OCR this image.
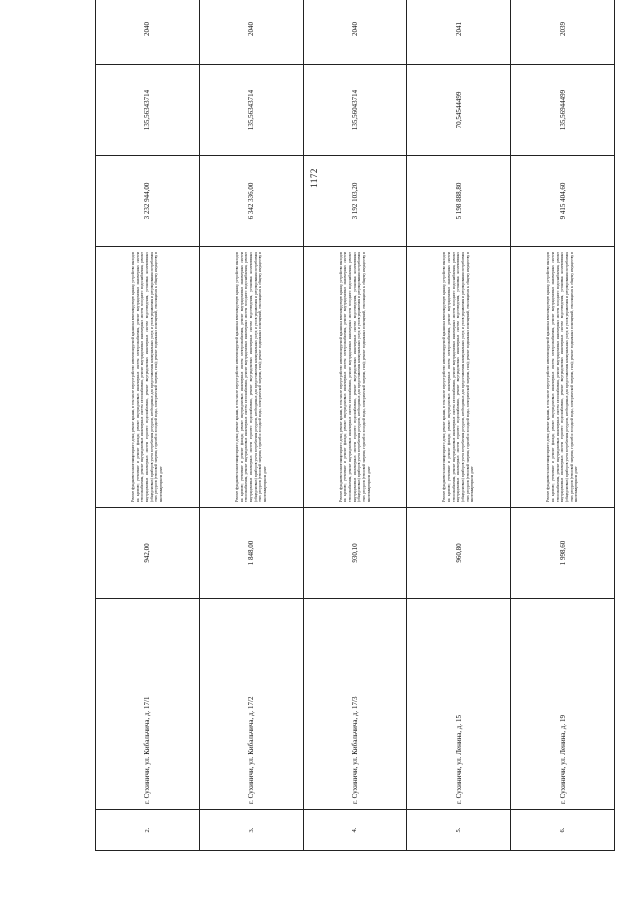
1172
2.	г. Сухиничи, ул. Кибальчича, д. 17/1	942,00	Ремонт фундамента многоквартирного дома; ремонт крыши, в том числе переустройство невентилируемой крыши на вентилируемую крышу, устройство выходов на кровлю; утепление и ремонт фасада; ремонт внутридомовых инженерных систем электроснабжения, ремонт внутридомовых инженерных систем теплоснабжения, ремонт внутридомовых инженерных систем газоснабжения, ремонт внутридомовых инженерных систем холодного водоснабжения, ремонт внутридомовых инженерных систем горячего водоснабжения, ремонт внутридомовых инженерных систем водоотведения, установка коллективных (общедомовых) приборов учета потребления ресурсов, необходимых для предоставления коммунальных услуг, и узлов управления и регулирования потребления этих ресурсов (тепловой энергии, горячей и холодной воды, электрической энергии, газа); ремонт подвальных помещений, относящихся к общему имуществу в многоквартирном доме	3 232 944,00	135,56343714	2040
3.	г. Сухиничи, ул. Кибальчича, д. 17/2	1 848,00	Ремонт фундамента многоквартирного дома; ремонт крыши, в том числе переустройство невентилируемой крыши на вентилируемую крышу, устройство выходов на кровлю; утепление и ремонт фасада; ремонт внутридомовых инженерных систем электроснабжения, ремонт внутридомовых инженерных систем теплоснабжения, ремонт внутридомовых инженерных систем газоснабжения, ремонт внутридомовых инженерных систем холодного водоснабжения, ремонт внутридомовых инженерных систем горячего водоснабжения, ремонт внутридомовых инженерных систем водоотведения, установка коллективных (общедомовых) приборов учета потребления ресурсов, необходимых для предоставления коммунальных услуг, и узлов управления и регулирования потребления этих ресурсов (тепловой энергии, горячей и холодной воды, электрической энергии, газа); ремонт подвальных помещений, относящихся к общему имуществу в многоквартирном доме	6 342 336,00	135,56343714	2040
4.	г. Сухиничи, ул. Кибальчича, д. 17/3	930,10	Ремонт фундамента многоквартирного дома; ремонт крыши, в том числе переустройство невентилируемой крыши на вентилируемую крышу, устройство выходов на кровлю; утепление и ремонт фасада; ремонт внутридомовых инженерных систем электроснабжения, ремонт внутридомовых инженерных систем теплоснабжения, ремонт внутридомовых инженерных систем газоснабжения, ремонт внутридомовых инженерных систем холодного водоснабжения, ремонт внутридомовых инженерных систем горячего водоснабжения, ремонт внутридомовых инженерных систем водоотведения, установка коллективных (общедомовых) приборов учета потребления ресурсов, необходимых для предоставления коммунальных услуг, и узлов управления и регулирования потребления этих ресурсов (тепловой энергии, горячей и холодной воды, электрической энергии, газа); ремонт подвальных помещений, относящихся к общему имуществу в многоквартирном доме	3 192 103,20	135,56043714	2040
5.	г. Сухиничи, ул. Ленина, д. 15	960,80	Ремонт фундамента многоквартирного дома; ремонт крыши, в том числе переустройство невентилируемой крыши на вентилируемую крышу, устройство выходов на кровлю; утепление и ремонт фасада; ремонт внутридомовых инженерных систем электроснабжения, ремонт внутридомовых инженерных систем теплоснабжения, ремонт внутридомовых инженерных систем газоснабжения, ремонт внутридомовых инженерных систем холодного водоснабжения, ремонт внутридомовых инженерных систем горячего водоснабжения, ремонт внутридомовых инженерных систем водоотведения, установка коллективных (общедомовых) приборов учета потребления ресурсов, необходимых для предоставления коммунальных услуг, и узлов управления и регулирования потребления этих ресурсов (тепловой энергии, горячей и холодной воды, электрической энергии, газа); ремонт подвальных помещений, относящихся к общему имуществу в многоквартирном доме	5 198 888,80	70,54544499	2041
6.	г. Сухиничи, ул. Ленина, д. 19	1 998,60	Ремонт фундамента многоквартирного дома; ремонт крыши, в том числе переустройство невентилируемой крыши на вентилируемую крышу, устройство выходов на кровлю; утепление и ремонт фасада; ремонт внутридомовых инженерных систем электроснабжения, ремонт внутридомовых инженерных систем теплоснабжения, ремонт внутридомовых инженерных систем газоснабжения, ремонт внутридомовых инженерных систем холодного водоснабжения, ремонт внутридомовых инженерных систем горячего водоснабжения, ремонт внутридомовых инженерных систем водоотведения, установка коллективных (общедомовых) приборов учета потребления ресурсов, необходимых для предоставления коммунальных услуг, и узлов управления и регулирования потребления этих ресурсов (тепловой энергии, горячей и холодной воды, электрической энергии, газа); ремонт подвальных помещений, относящихся к общему имуществу в многоквартирном доме	9 415 404,60	135,56944499	2039
